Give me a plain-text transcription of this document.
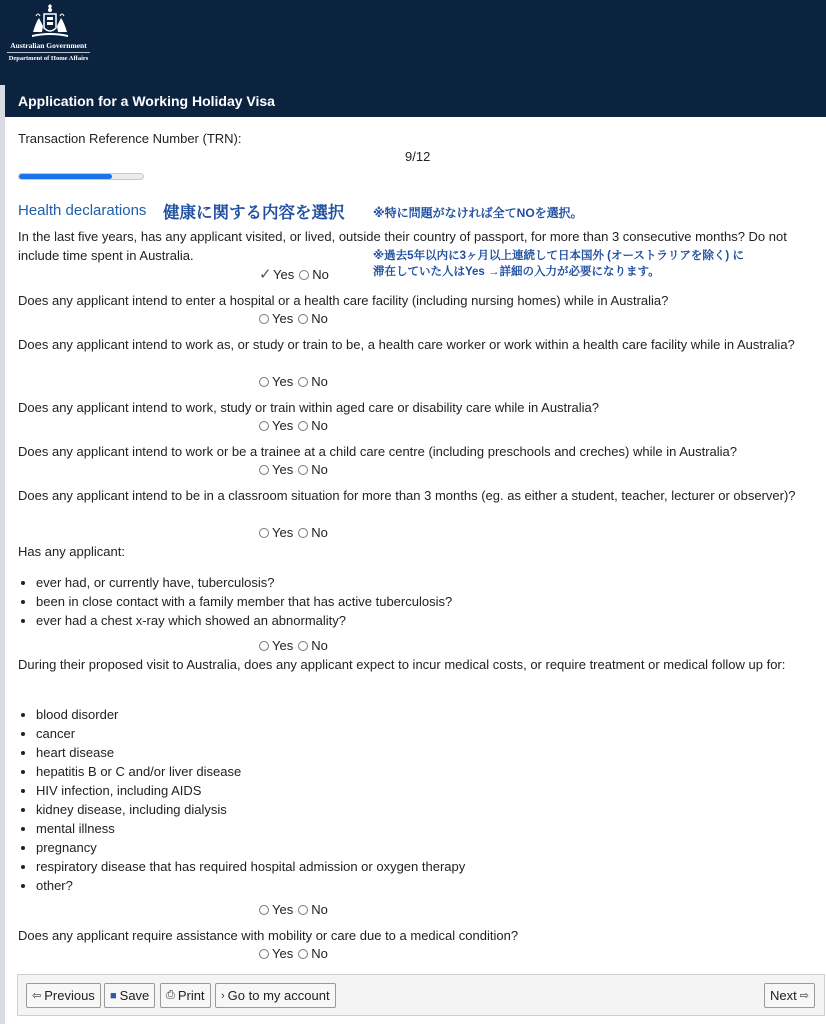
Australian Government
Department of Home Affairs
Application for a Working Holiday Visa
Transaction Reference Number (TRN):
9/12
Health declarations 健康に関する内容を選択 ※特に問題がなければ全てNOを選択。
※過去5年以内に3ヶ月以上連続して日本国外 (オーストラリアを除く) に
滞在していた人はYes →詳細の入力が必要になります。
In the last five years, has any applicant visited, or lived, outside their country of passport, for more than 3 consecutive months? Do not include time spent in Australia.
✓ Yes No
Does any applicant intend to enter a hospital or a health care facility (including nursing homes) while in Australia?
Yes No
Does any applicant intend to work as, or study or train to be, a health care worker or work within a health care facility while in Australia?
Yes No
Does any applicant intend to work, study or train within aged care or disability care while in Australia?
Yes No
Does any applicant intend to work or be a trainee at a child care centre (including preschools and creches) while in Australia?
Yes No
Does any applicant intend to be in a classroom situation for more than 3 months (eg. as either a student, teacher, lecturer or observer)?
Yes No
Has any applicant:
• ever had, or currently have, tuberculosis?
• been in close contact with a family member that has active tuberculosis?
• ever had a chest x-ray which showed an abnormality?
Yes No
During their proposed visit to Australia, does any applicant expect to incur medical costs, or require treatment or medical follow up for:
• blood disorder
• cancer
• heart disease
• hepatitis B or C and/or liver disease
• HIV infection, including AIDS
• kidney disease, including dialysis
• mental illness
• pregnancy
• respiratory disease that has required hospital admission or oxygen therapy
• other?
Yes No
Does any applicant require assistance with mobility or care due to a medical condition?
Yes No
⇦ Previous ■ Save ⎙ Print › Go to my account	Next ⇨
